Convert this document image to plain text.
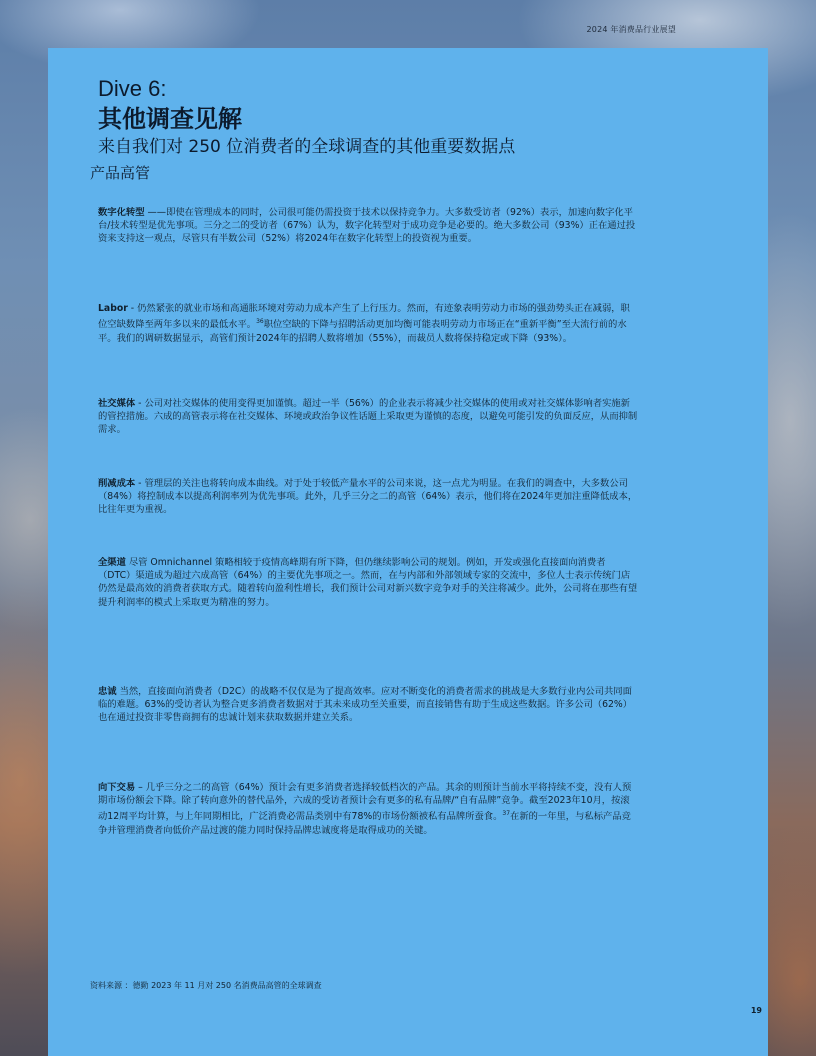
2024 年消费品行业展望
Dive 6:
其他调查见解
来自我们对 250 位消费者的全球调查的其他重要数据点
产品高管

数字化转型 ——即使在管理成本的同时，公司很可能仍需投资于技术以保持竞争力。大多数受访者（92%）表示，加速向数字化平台/技术转型是优先事项。三分之二的受访者（67%）认为，数字化转型对于成功竞争是必要的。绝大多数公司（93%）正在通过投资来支持这一观点，尽管只有半数公司（52%）将2024年在数字化转型上的投资视为重要。

Labor - 仍然紧张的就业市场和高通胀环境对劳动力成本产生了上行压力。然而，有迹象表明劳动力市场的强劲势头正在减弱，职位空缺数降至两年多以来的最低水平。$^{36}$职位空缺的下降与招聘活动更加均衡可能表明劳动力市场正在“重新平衡”至大流行前的水平。我们的调研数据显示，高管们预计2024年的招聘人数将增加（55%），而裁员人数将保持稳定或下降（93%）。

社交媒体 - 公司对社交媒体的使用变得更加谨慎。超过一半（56%）的企业表示将减少社交媒体的使用或对社交媒体影响者实施新的管控措施。六成的高管表示将在社交媒体、环境或政治争议性话题上采取更为谨慎的态度，以避免可能引发的负面反应，从而抑制需求。

削减成本 - 管理层的关注也将转向成本曲线。对于处于较低产量水平的公司来说，这一点尤为明显。在我们的调查中，大多数公司（84%）将控制成本以提高利润率列为优先事项。此外，几乎三分之二的高管（64%）表示，他们将在2024年更加注重降低成本，比往年更为重视。

全渠道 尽管 Omnichannel 策略相较于疫情高峰期有所下降，但仍继续影响公司的规划。例如，开发或强化直接面向消费者（DTC）渠道成为超过六成高管（64%）的主要优先事项之一。然而，在与内部和外部领域专家的交流中，多位人士表示传统门店仍然是最高效的消费者获取方式。随着转向盈利性增长，我们预计公司对新兴数字竞争对手的关注将减少。此外，公司将在那些有望提升利润率的模式上采取更为精准的努力。

忠诚 当然，直接面向消费者（D2C）的战略不仅仅是为了提高效率。应对不断变化的消费者需求的挑战是大多数行业内公司共同面临的难题。63%的受访者认为整合更多消费者数据对于其未来成功至关重要，而直接销售有助于生成这些数据。许多公司（62%）也在通过投资非零售商拥有的忠诚计划来获取数据并建立关系。

向下交易 – 几乎三分之二的高管（64%）预计会有更多消费者选择较低档次的产品。其余的则预计当前水平将持续不变，没有人预期市场份额会下降。除了转向意外的替代品外，六成的受访者预计会有更多的私有品牌/“自有品牌”竞争。截至2023年10月，按滚动12周平均计算，与上年同期相比，广泛消费必需品类别中有78%的市场份额被私有品牌所蚕食。$^{37}$在新的一年里，与私标产品竞争并管理消费者向低价产品过渡的能力同时保持品牌忠诚度将是取得成功的关键。

资料来源 ：德勤 2023 年 11 月对 250 名消费品高管的全球调查
19
